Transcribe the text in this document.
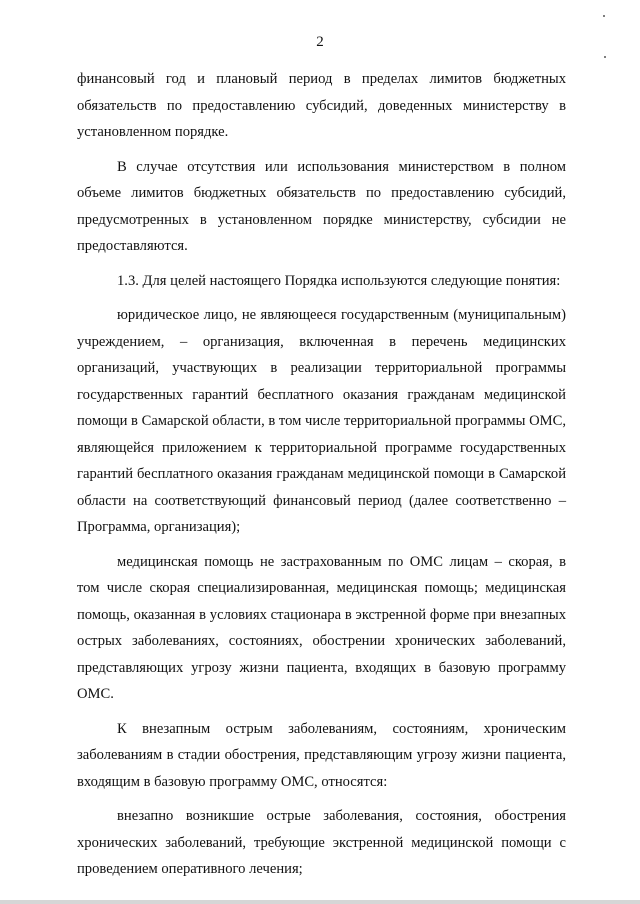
2

финансовый год и плановый период в пределах лимитов бюджетных обязательств по предоставлению субсидий, доведенных министерству в установленном порядке.

В случае отсутствия или использования министерством в полном объеме лимитов бюджетных обязательств по предоставлению субсидий, предусмотренных в установленном порядке министерству, субсидии не предоставляются.

1.3. Для целей настоящего Порядка используются следующие понятия:

юридическое лицо, не являющееся государственным (муниципальным) учреждением, – организация, включенная в перечень медицинских организаций, участвующих в реализации территориальной программы государственных гарантий бесплатного оказания гражданам медицинской помощи в Самарской области, в том числе территориальной программы ОМС, являющейся приложением к территориальной программе государственных гарантий бесплатного оказания гражданам медицинской помощи в Самарской области на соответствующий финансовый период (далее соответственно – Программа, организация);

медицинская помощь не застрахованным по ОМС лицам – скорая, в том числе скорая специализированная, медицинская помощь; медицинская помощь, оказанная в условиях стационара в экстренной форме при внезапных острых заболеваниях, состояниях, обострении хронических заболеваний, представляющих угрозу жизни пациента, входящих в базовую программу ОМС.

К внезапным острым заболеваниям, состояниям, хроническим заболеваниям в стадии обострения, представляющим угрозу жизни пациента, входящим в базовую программу ОМС, относятся:

внезапно возникшие острые заболевания, состояния, обострения хронических заболеваний, требующие экстренной медицинской помощи с проведением оперативного лечения;
